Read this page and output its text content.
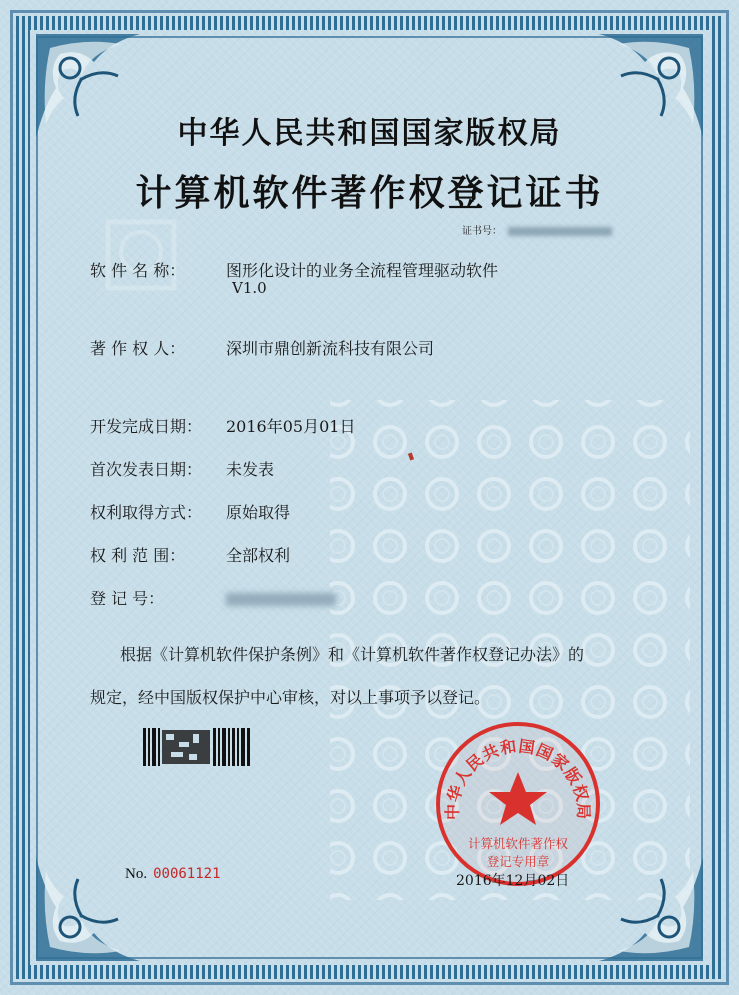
中华人民共和国国家版权局
计算机软件著作权登记证书
证书号：
软 件 名 称：	图形化设计的业务全流程管理驱动软件
V1.0
著 作 权 人：	深圳市鼎创新流科技有限公司
开发完成日期： 2016年05月01日
首次发表日期： 未发表
权利取得方式： 原始取得
权 利 范 围：	全部权利
登 记 号：
根据《计算机软件保护条例》和《计算机软件著作权登记办法》的
规定，经中国版权保护中心审核，对以上事项予以登记。
No. 00061121
中华人民共和国国家版权局
计算机软件著作权
登记专用章
2016年12月02日
